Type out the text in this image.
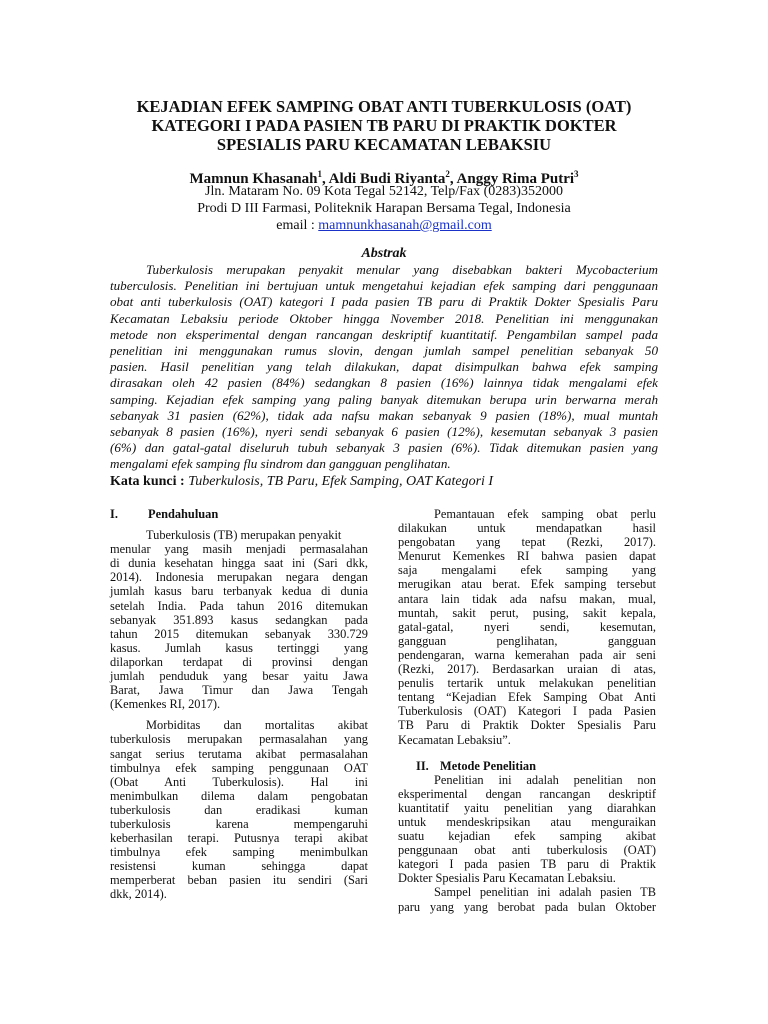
KEJADIAN EFEK SAMPING OBAT ANTI TUBERKULOSIS (OAT)
KATEGORI I PADA PASIEN TB PARU DI PRAKTIK DOKTER
SPESIALIS PARU KECAMATAN LEBAKSIU
Mamnun Khasanah$^1$, Aldi Budi Riyanta$^2$, Anggy Rima Putri$^3$
Jln. Mataram No. 09 Kota Tegal 52142, Telp/Fax (0283)352000
Prodi D III Farmasi, Politeknik Harapan Bersama Tegal, Indonesia
email : mamnunkhasanah@gmail.com
Abstrak
Tuberkulosis merupakan penyakit menular yang disebabkan bakteri Mycobacterium
tuberculosis. Penelitian ini bertujuan untuk mengetahui kejadian efek samping dari penggunaan
obat anti tuberkulosis (OAT) kategori I pada pasien TB paru di Praktik Dokter Spesialis Paru
Kecamatan Lebaksiu periode Oktober hingga November 2018. Penelitian ini menggunakan
metode non eksperimental dengan rancangan deskriptif kuantitatif. Pengambilan sampel pada
penelitian ini menggunakan rumus slovin, dengan jumlah sampel penelitian sebanyak 50
pasien. Hasil penelitian yang telah dilakukan, dapat disimpulkan bahwa efek samping
dirasakan oleh 42 pasien (84%) sedangkan 8 pasien (16%) lainnya tidak mengalami efek
samping. Kejadian efek samping yang paling banyak ditemukan berupa urin berwarna merah
sebanyak 31 pasien (62%), tidak ada nafsu makan sebanyak 9 pasien (18%), mual muntah
sebanyak 8 pasien (16%), nyeri sendi sebanyak 6 pasien (12%), kesemutan sebanyak 3 pasien
(6%) dan gatal-gatal diseluruh tubuh sebanyak 3 pasien (6%). Tidak ditemukan pasien yang
mengalami efek samping flu sindrom dan gangguan penglihatan.
Kata kunci : Tuberkulosis, TB Paru, Efek Samping, OAT Kategori I
I. Pendahuluan
Tuberkulosis (TB) merupakan penyakit
menular yang masih menjadi permasalahan
di dunia kesehatan hingga saat ini (Sari dkk,
2014). Indonesia merupakan negara dengan
jumlah kasus baru terbanyak kedua di dunia
setelah India. Pada tahun 2016 ditemukan
sebanyak 351.893 kasus sedangkan pada
tahun 2015 ditemukan sebanyak 330.729
kasus. Jumlah kasus tertinggi yang
dilaporkan terdapat di provinsi dengan
jumlah penduduk yang besar yaitu Jawa
Barat, Jawa Timur dan Jawa Tengah
(Kemenkes RI, 2017).
Morbiditas dan mortalitas akibat
tuberkulosis merupakan permasalahan yang
sangat serius terutama akibat permasalahan
timbulnya efek samping penggunaan OAT
(Obat Anti Tuberkulosis). Hal ini
menimbulkan dilema dalam pengobatan
tuberkulosis dan eradikasi kuman
tuberkulosis karena mempengaruhi
keberhasilan terapi. Putusnya terapi akibat
timbulnya efek samping menimbulkan
resistensi kuman sehingga dapat
memperberat beban pasien itu sendiri (Sari
dkk, 2014).
Pemantauan efek samping obat perlu
dilakukan untuk mendapatkan hasil
pengobatan yang tepat (Rezki, 2017).
Menurut Kemenkes RI bahwa pasien dapat
saja mengalami efek samping yang
merugikan atau berat. Efek samping tersebut
antara lain tidak ada nafsu makan, mual,
muntah, sakit perut, pusing, sakit kepala,
gatal-gatal, nyeri sendi, kesemutan,
gangguan penglihatan, gangguan
pendengaran, warna kemerahan pada air seni
(Rezki, 2017). Berdasarkan uraian di atas,
penulis tertarik untuk melakukan penelitian
tentang “Kejadian Efek Samping Obat Anti
Tuberkulosis (OAT) Kategori I pada Pasien
TB Paru di Praktik Dokter Spesialis Paru
Kecamatan Lebaksiu”.
II. Metode Penelitian
Penelitian ini adalah penelitian non
eksperimental dengan rancangan deskriptif
kuantitatif yaitu penelitian yang diarahkan
untuk mendeskripsikan atau menguraikan
suatu kejadian efek samping akibat
penggunaan obat anti tuberkulosis (OAT)
kategori I pada pasien TB paru di Praktik
Dokter Spesialis Paru Kecamatan Lebaksiu.
Sampel penelitian ini adalah pasien TB
paru yang yang berobat pada bulan Oktober
